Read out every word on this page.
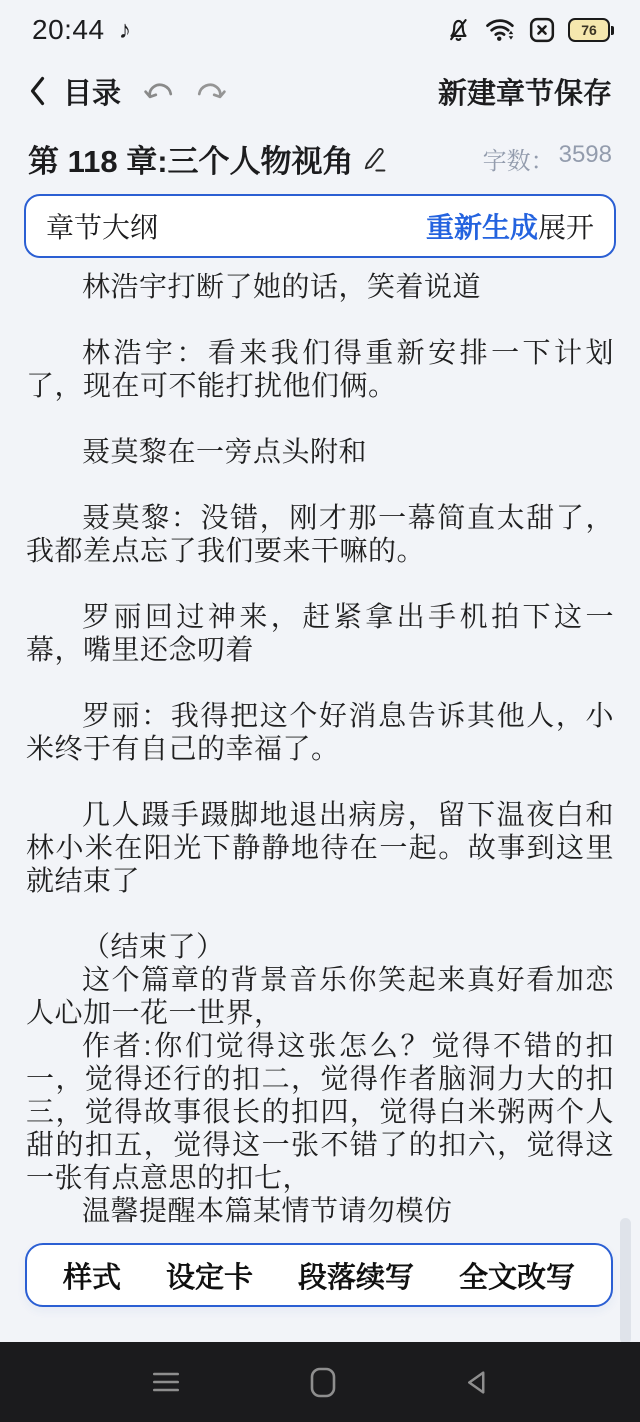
20:44 ♪	76
目录	新建章节 保存
第 118 章:三个人物视角	字数： 3598
章节大纲	重新生成 展开

林浩宇打断了她的话，笑着说道

林浩宇：看来我们得重新安排一下计划了，现在可不能打扰他们俩。

聂莫黎在一旁点头附和

聂莫黎：没错，刚才那一幕简直太甜了，我都差点忘了我们要来干嘛的。

罗丽回过神来，赶紧拿出手机拍下这一幕，嘴里还念叨着

罗丽：我得把这个好消息告诉其他人，小米终于有自己的幸福了。

几人蹑手蹑脚地退出病房，留下温夜白和林小米在阳光下静静地待在一起。故事到这里就结束了

（结束了）

这个篇章的背景音乐你笑起来真好看加恋人心加一花一世界，

作者:你们觉得这张怎么？觉得不错的扣一，觉得还行的扣二，觉得作者脑洞力大的扣三，觉得故事很长的扣四，觉得白米粥两个人甜的扣五，觉得这一张不错了的扣六，觉得这一张有点意思的扣七，

温馨提醒本篇某情节请勿模仿

样式 设定卡 段落续写 全文改写
